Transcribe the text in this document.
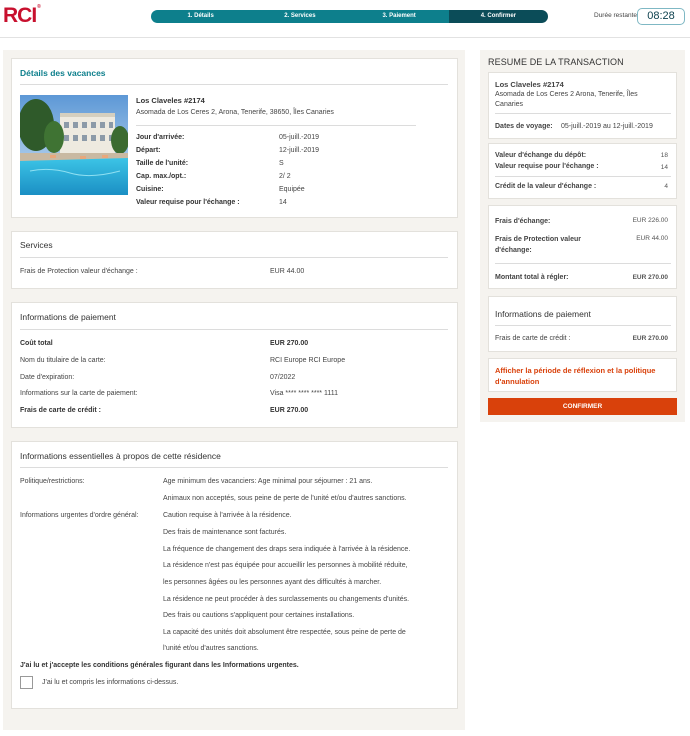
RCI®
1. Détails	2. Services	3. Paiement	4. Confirmer	Durée restante 08:28
Détails des vacances
Los Claveles #2174
Asomada de Los Ceres 2, Arona, Tenerife, 38650, Îles Canaries
Jour d'arrivée:	05-juill.-2019
Départ:	12-juill.-2019
Taille de l'unité:	S
Cap. max./opt.:	2/ 2
Cuisine:	Equipée
Valeur requise pour l'échange :	14
Services
Frais de Protection valeur d'échange :	EUR 44.00
Informations de paiement
Coût total	EUR 270.00
Nom du titulaire de la carte:	RCI Europe RCI Europe
Date d'expiration:	07/2022
Informations sur la carte de paiement:	Visa **** **** **** 1111
Frais de carte de crédit :	EUR 270.00
Informations essentielles à propos de cette résidence
Politique/restrictions:	Age minimum des vacanciers: Age minimal pour séjourner : 21 ans.
Animaux non acceptés, sous peine de perte de l'unité et/ou d'autres sanctions.
Informations urgentes d'ordre général:	Caution requise à l'arrivée à la résidence.
Des frais de maintenance sont facturés.
La fréquence de changement des draps sera indiquée à l'arrivée à la résidence.
La résidence n'est pas équipée pour accueillir les personnes à mobilité réduite,
les personnes âgées ou les personnes ayant des difficultés à marcher.
La résidence ne peut procéder à des surclassements ou changements d'unités.
Des frais ou cautions s'appliquent pour certaines installations.
La capacité des unités doit absolument être respectée, sous peine de perte de
l'unité et/ou d'autres sanctions.
J'ai lu et j'accepte les conditions générales figurant dans les Informations urgentes.
J'ai lu et compris les informations ci-dessus.
RESUME DE LA TRANSACTION
Los Claveles #2174
Asomada de Los Ceres 2 Arona, Tenerife, Îles
Canaries
Dates de voyage: 05-juill.-2019 au 12-juill.-2019
Valeur d'échange du dépôt:	18
Valeur requise pour l'échange :	14
Crédit de la valeur d'échange :	4
Frais d'échange:	EUR 226.00
Frais de Protection valeur
d'échange:
EUR 44.00
Montant total à régler:	EUR 270.00
Informations de paiement
Frais de carte de crédit :	EUR 270.00
Afficher la période de réflexion et la politique d'annulation
CONFIRMER
